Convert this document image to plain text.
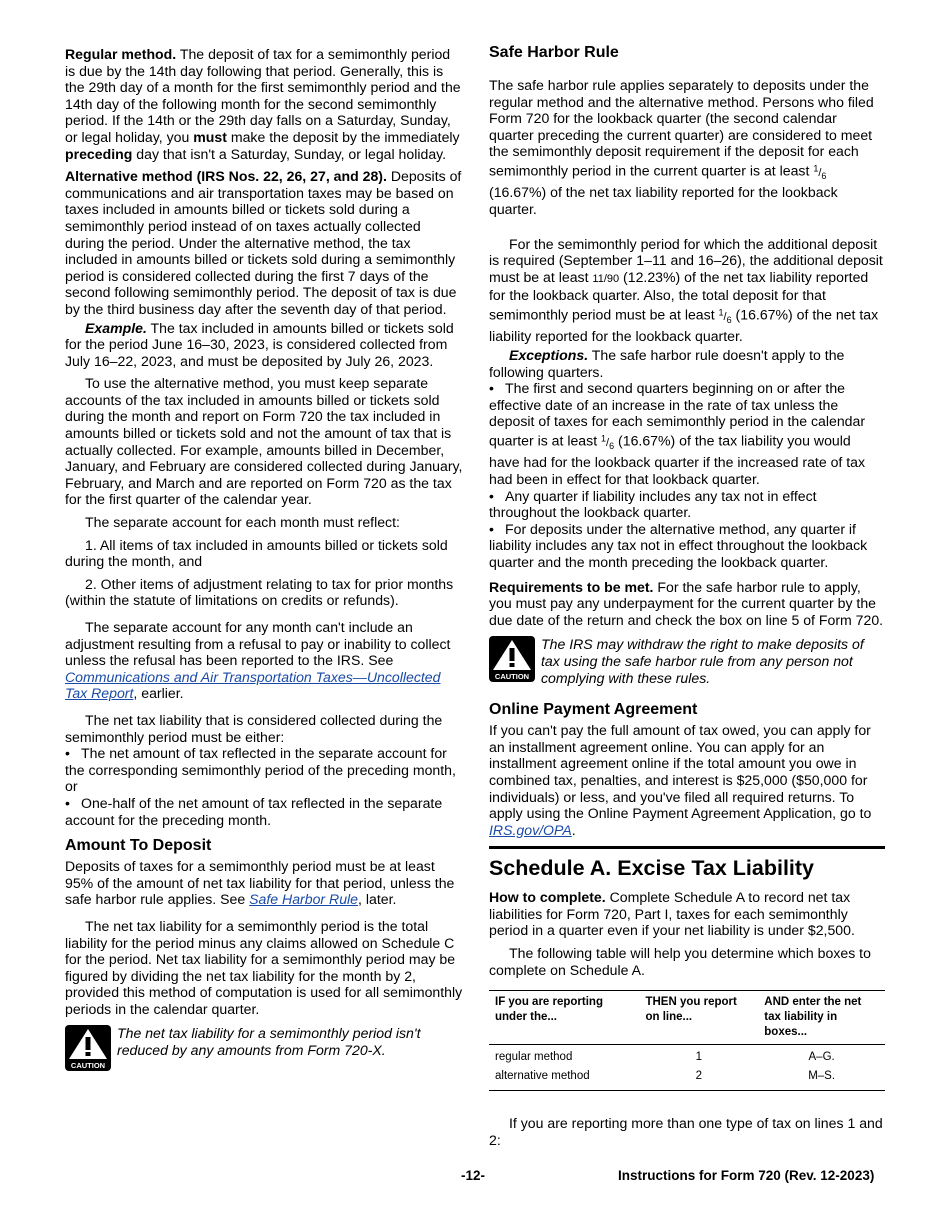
Regular method. The deposit of tax for a semimonthly period is due by the 14th day following that period. Generally, this is the 29th day of a month for the first semimonthly period and the 14th day of the following month for the second semimonthly period. If the 14th or the 29th day falls on a Saturday, Sunday, or legal holiday, you must make the deposit by the immediately preceding day that isn't a Saturday, Sunday, or legal holiday.

Alternative method (IRS Nos. 22, 26, 27, and 28). Deposits of communications and air transportation taxes may be based on taxes included in amounts billed or tickets sold during a semimonthly period instead of on taxes actually collected during the period. Under the alternative method, the tax included in amounts billed or tickets sold during a semimonthly period is considered collected during the first 7 days of the second following semimonthly period. The deposit of tax is due by the third business day after the seventh day of that period.

Example. The tax included in amounts billed or tickets sold for the period June 16–30, 2023, is considered collected from July 16–22, 2023, and must be deposited by July 26, 2023.

To use the alternative method, you must keep separate accounts of the tax included in amounts billed or tickets sold during the month and report on Form 720 the tax included in amounts billed or tickets sold and not the amount of tax that is actually collected. For example, amounts billed in December, January, and February are considered collected during January, February, and March and are reported on Form 720 as the tax for the first quarter of the calendar year.

The separate account for each month must reflect:

1. All items of tax included in amounts billed or tickets sold during the month, and

2. Other items of adjustment relating to tax for prior months (within the statute of limitations on credits or refunds).

The separate account for any month can't include an adjustment resulting from a refusal to pay or inability to collect unless the refusal has been reported to the IRS. See Communications and Air Transportation Taxes—Uncollected Tax Report, earlier.

The net tax liability that is considered collected during the semimonthly period must be either:

• The net amount of tax reflected in the separate account for the corresponding semimonthly period of the preceding month, or

• One-half of the net amount of tax reflected in the separate account for the preceding month.

Amount To Deposit

Deposits of taxes for a semimonthly period must be at least 95% of the amount of net tax liability for that period, unless the safe harbor rule applies. See Safe Harbor Rule, later.

The net tax liability for a semimonthly period is the total liability for the period minus any claims allowed on Schedule C for the period. Net tax liability for a semimonthly period may be figured by dividing the net tax liability for the month by 2, provided this method of computation is used for all semimonthly periods in the calendar quarter.

CAUTION
The net tax liability for a semimonthly period isn't reduced by any amounts from Form 720-X.
Safe Harbor Rule

The safe harbor rule applies separately to deposits under the regular method and the alternative method. Persons who filed Form 720 for the lookback quarter (the second calendar quarter preceding the current quarter) are considered to meet the semimonthly deposit requirement if the deposit for each semimonthly period in the current quarter is at least $^1/_6$ (16.67%) of the net tax liability reported for the lookback quarter.

For the semimonthly period for which the additional deposit is required (September 1–11 and 16–26), the additional deposit must be at least 11/90 (12.23%) of the net tax liability reported for the lookback quarter. Also, the total deposit for that semimonthly period must be at least $^1/_6$ (16.67%) of the net tax liability reported for the lookback quarter.

Exceptions. The safe harbor rule doesn't apply to the following quarters.

• The first and second quarters beginning on or after the effective date of an increase in the rate of tax unless the deposit of taxes for each semimonthly period in the calendar quarter is at least $^1/_6$ (16.67%) of the tax liability you would have had for the lookback quarter if the increased rate of tax had been in effect for that lookback quarter.

• Any quarter if liability includes any tax not in effect throughout the lookback quarter.

• For deposits under the alternative method, any quarter if liability includes any tax not in effect throughout the lookback quarter and the month preceding the lookback quarter.

Requirements to be met. For the safe harbor rule to apply, you must pay any underpayment for the current quarter by the due date of the return and check the box on line 5 of Form 720.

CAUTION
The IRS may withdraw the right to make deposits of tax using the safe harbor rule from any person not complying with these rules.
Online Payment Agreement

If you can't pay the full amount of tax owed, you can apply for an installment agreement online. You can apply for an installment agreement online if the total amount you owe in combined tax, penalties, and interest is $25,000 ($50,000 for individuals) or less, and you've filed all required returns. To apply using the Online Payment Agreement Application, go to IRS.gov/OPA.

Schedule A. Excise Tax Liability

How to complete. Complete Schedule A to record net tax liabilities for Form 720, Part I, taxes for each semimonthly period in a quarter even if your net liability is under $2,500.

The following table will help you determine which boxes to complete on Schedule A.

IF you are reporting under the...	THEN you report on line...	AND enter the net tax liability in boxes...
regular method	1	A–G.
alternative method	2	M–S.

If you are reporting more than one type of tax on lines 1 and 2:

-12-	Instructions for Form 720 (Rev. 12-2023)
